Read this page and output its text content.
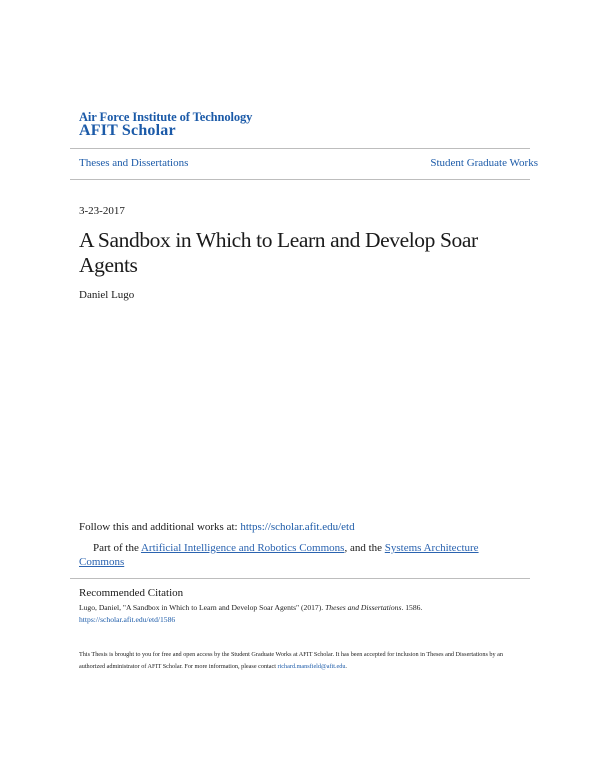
Air Force Institute of Technology
AFIT Scholar
Theses and Dissertations	Student Graduate Works
3-23-2017
A Sandbox in Which to Learn and Develop Soar Agents
Daniel Lugo
Follow this and additional works at: https://scholar.afit.edu/etd
Part of the Artificial Intelligence and Robotics Commons, and the Systems Architecture Commons
Recommended Citation
Lugo, Daniel, "A Sandbox in Which to Learn and Develop Soar Agents" (2017). Theses and Dissertations. 1586.
https://scholar.afit.edu/etd/1586
This Thesis is brought to you for free and open access by the Student Graduate Works at AFIT Scholar. It has been accepted for inclusion in Theses and Dissertations by an authorized administrator of AFIT Scholar. For more information, please contact richard.mansfield@afit.edu.
